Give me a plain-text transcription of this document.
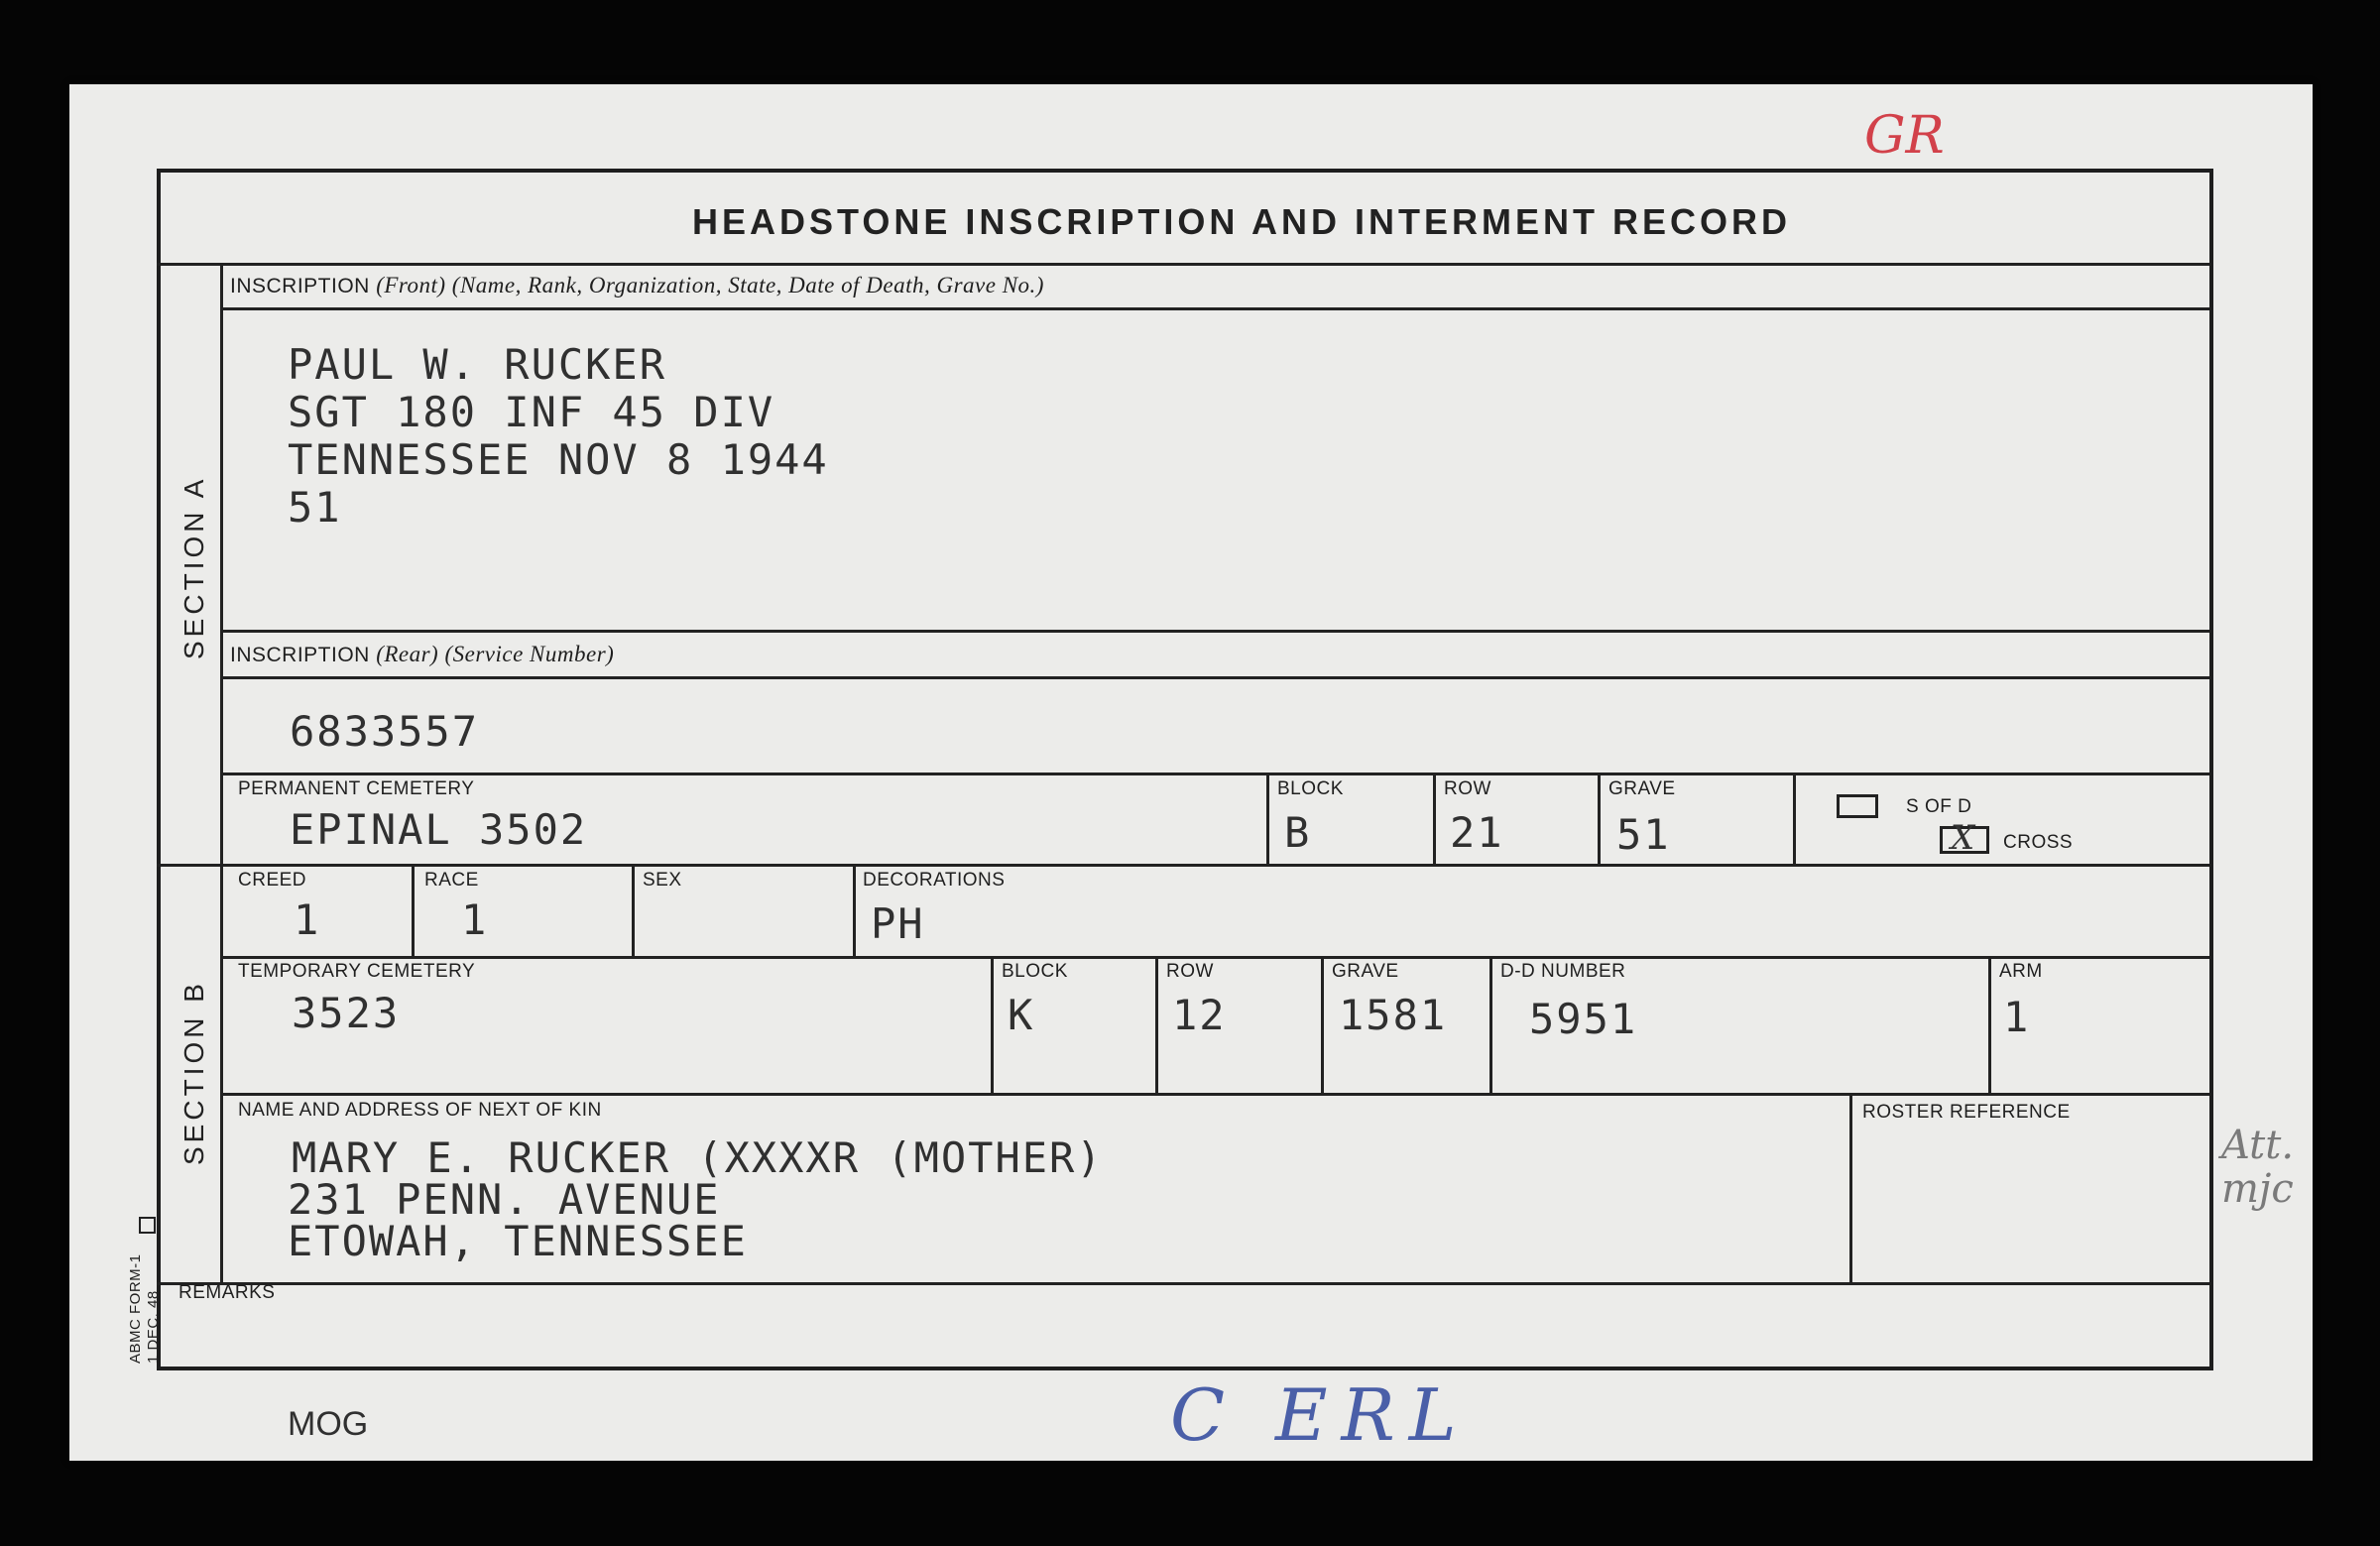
GR
HEADSTONE INSCRIPTION AND INTERMENT RECORD
SECTION A
SECTION B
INSCRIPTION (Front) (Name, Rank, Organization, State, Date of Death, Grave No.)
PAUL W. RUCKER
SGT 180 INF 45 DIV
TENNESSEE NOV 8 1944
51
INSCRIPTION (Rear) (Service Number)
6833557
PERMANENT CEMETERY
EPINAL 3502
BLOCK
B
ROW
21
GRAVE
51
S OF D
X CROSS
CREED
1
RACE
1
SEX	DECORATIONS
PH
TEMPORARY CEMETERY
3523
BLOCK
K
ROW
12
GRAVE
1581
D-D NUMBER
5951
ARM
1
NAME AND ADDRESS OF NEXT OF KIN
MARY E. RUCKER (XXXXR (MOTHER)
231 PENN. AVENUE
ETOWAH, TENNESSEE
ROSTER REFERENCE
REMARKS
ABMC FORM-1 1 DEC. 48
Att. mjc
MOG	C ERL
